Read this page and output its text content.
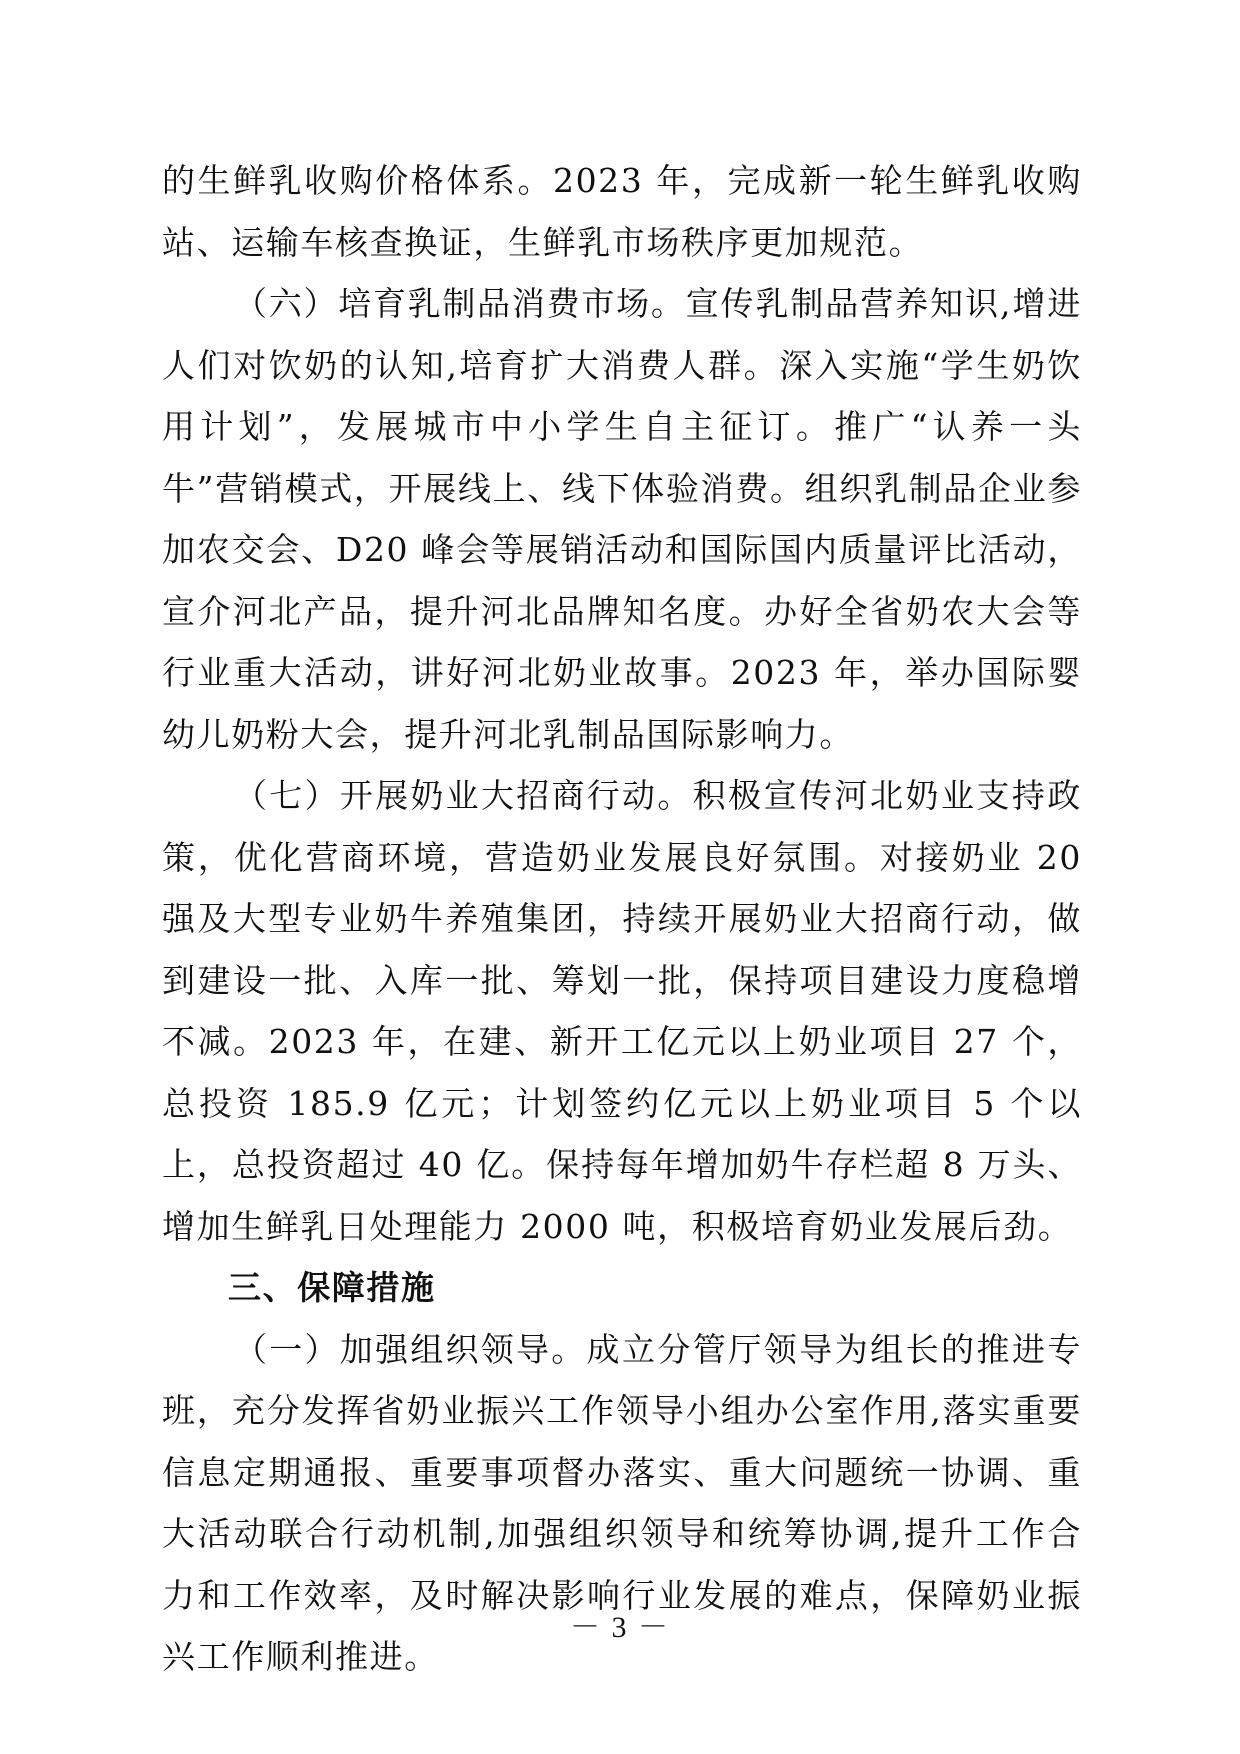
的生鲜乳收购价格体系。2023 年，完成新一轮生鲜乳收购站、运输车核查换证，生鲜乳市场秩序更加规范。

（六）培育乳制品消费市场。宣传乳制品营养知识,增进人们对饮奶的认知,培育扩大消费人群。深入实施“学生奶饮用计划”，发展城市中小学生自主征订。推广“认养一头牛”营销模式，开展线上、线下体验消费。组织乳制品企业参加农交会、D20 峰会等展销活动和国际国内质量评比活动，宣介河北产品，提升河北品牌知名度。办好全省奶农大会等行业重大活动，讲好河北奶业故事。2023 年，举办国际婴幼儿奶粉大会，提升河北乳制品国际影响力。

（七）开展奶业大招商行动。积极宣传河北奶业支持政策，优化营商环境，营造奶业发展良好氛围。对接奶业 20 强及大型专业奶牛养殖集团，持续开展奶业大招商行动，做到建设一批、入库一批、筹划一批，保持项目建设力度稳增不减。2023 年，在建、新开工亿元以上奶业项目 27 个，总投资 185.9 亿元；计划签约亿元以上奶业项目 5 个以上，总投资超过 40 亿。保持每年增加奶牛存栏超 8 万头、增加生鲜乳日处理能力 2000 吨，积极培育奶业发展后劲。

三、保障措施

（一）加强组织领导。成立分管厅领导为组长的推进专班，充分发挥省奶业振兴工作领导小组办公室作用,落实重要信息定期通报、重要事项督办落实、重大问题统一协调、重大活动联合行动机制,加强组织领导和统筹协调,提升工作合力和工作效率，及时解决影响行业发展的难点，保障奶业振兴工作顺利推进。

－ 3 －
